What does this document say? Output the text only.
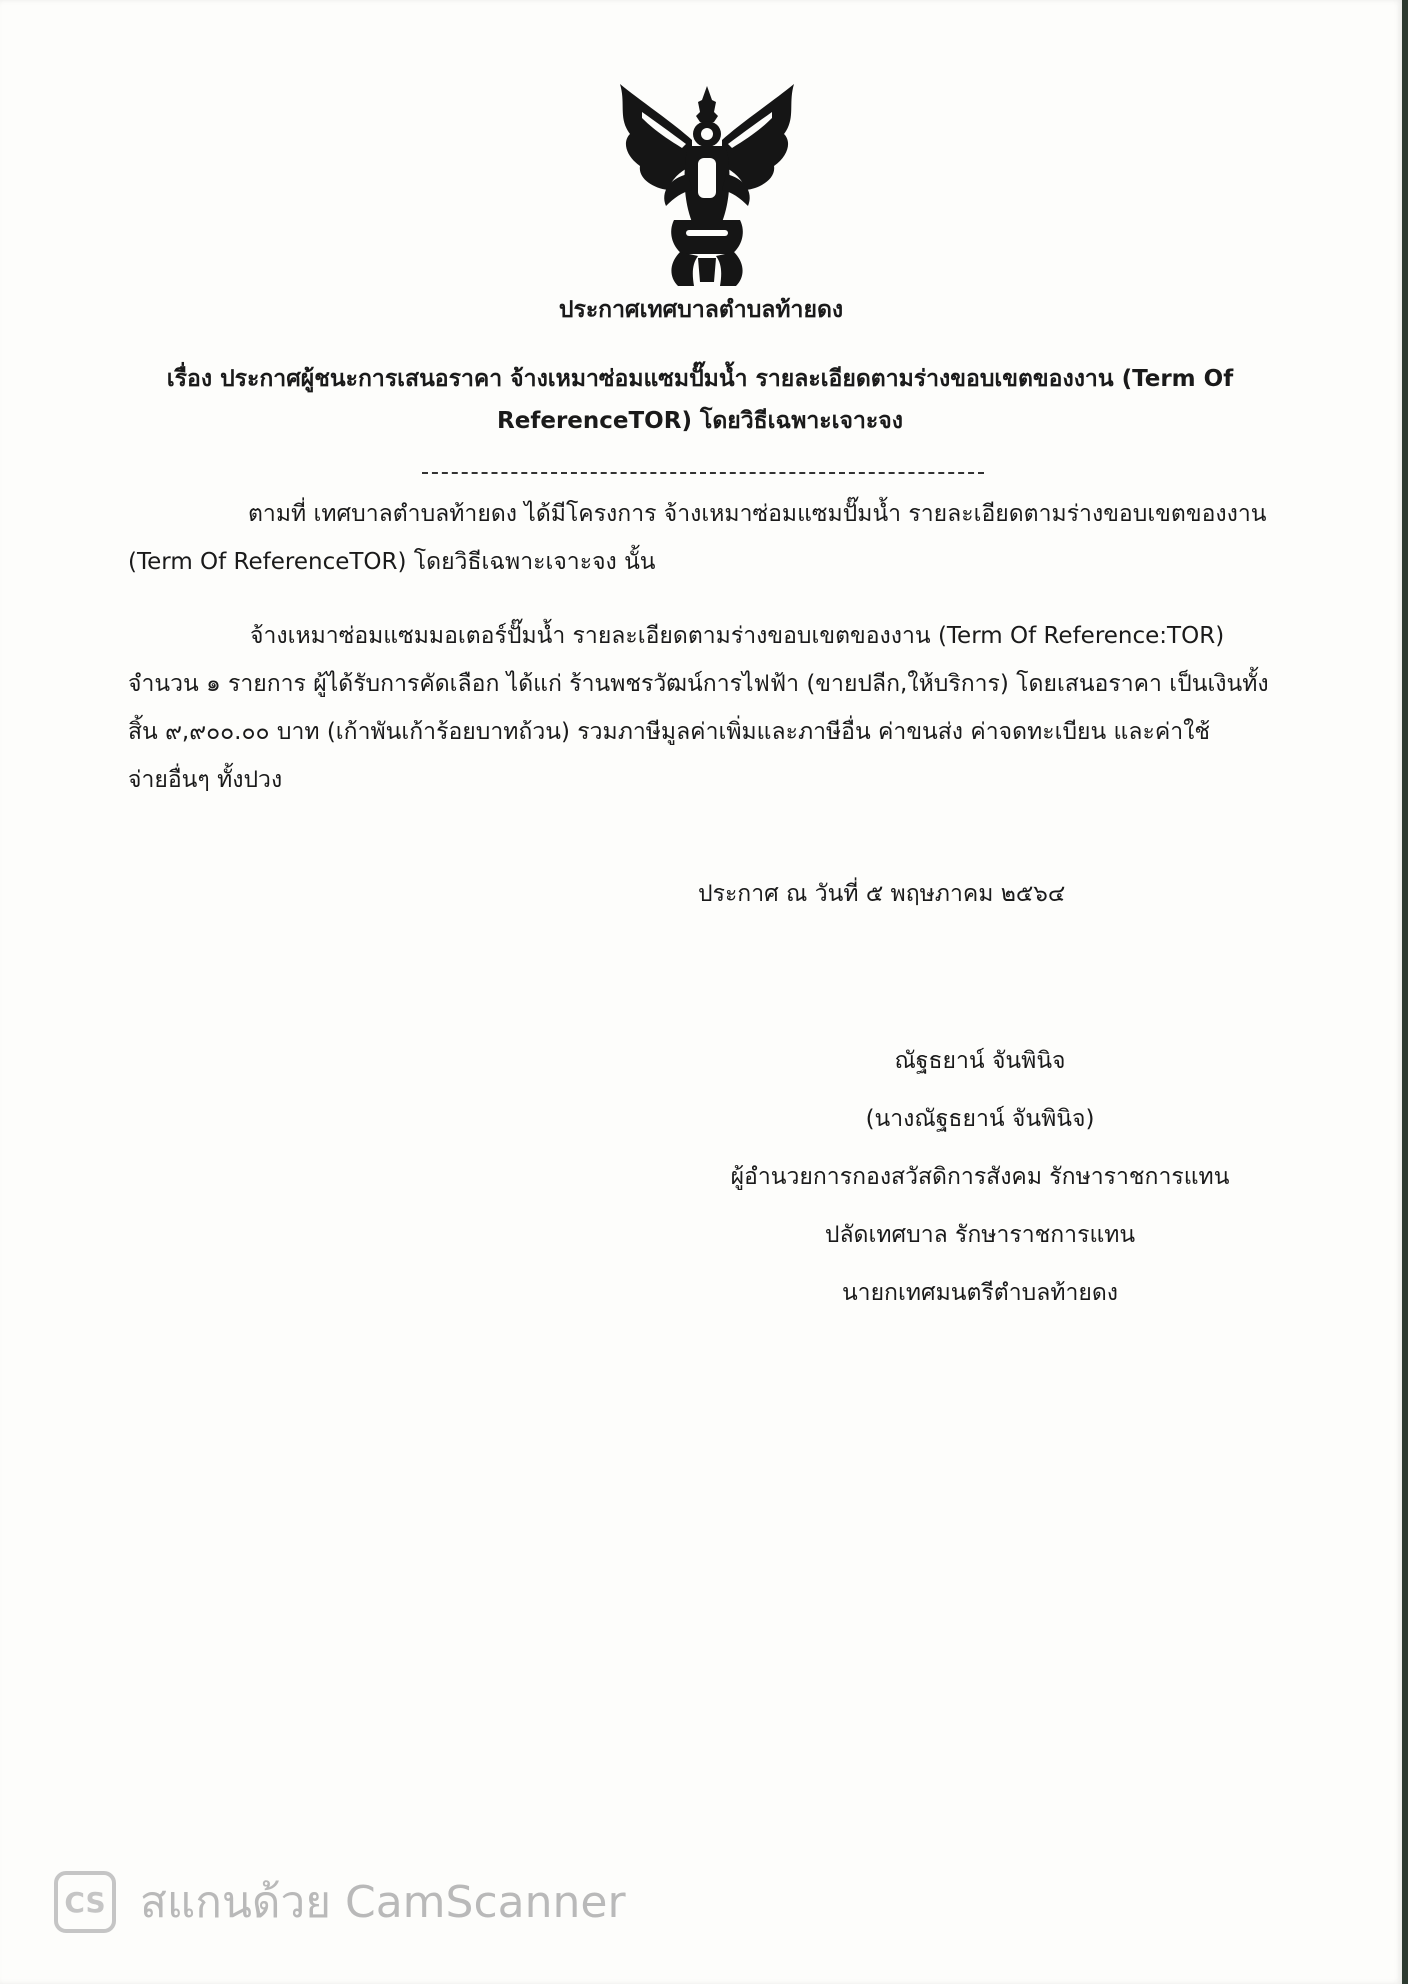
ประกาศเทศบาลตำบลท้ายดง
เรื่อง ประกาศผู้ชนะการเสนอราคา จ้างเหมาซ่อมแซมปั๊มน้ำ รายละเอียดตามร่างขอบเขตของงาน (Term Of ReferenceTOR) โดยวิธีเฉพาะเจาะจง
ตามที่ เทศบาลตำบลท้ายดง ได้มีโครงการ จ้างเหมาซ่อมแซมปั๊มน้ำ รายละเอียดตามร่างขอบเขตของงาน
(Term Of ReferenceTOR) โดยวิธีเฉพาะเจาะจง นั้น
จ้างเหมาซ่อมแซมมอเตอร์ปั๊มน้ำ รายละเอียดตามร่างขอบเขตของงาน (Term Of Reference:TOR)
จำนวน ๑ รายการ ผู้ได้รับการคัดเลือก ได้แก่ ร้านพชรวัฒน์การไฟฟ้า (ขายปลีก,ให้บริการ) โดยเสนอราคา เป็นเงินทั้ง
สิ้น ๙,๙๐๐.๐๐ บาท (เก้าพันเก้าร้อยบาทถ้วน) รวมภาษีมูลค่าเพิ่มและภาษีอื่น ค่าขนส่ง ค่าจดทะเบียน และค่าใช้
จ่ายอื่นๆ ทั้งปวง
ประกาศ ณ วันที่ ๕ พฤษภาคม ๒๕๖๔
ณัฐธยาน์ จันพินิจ
(นางณัฐธยาน์ จันพินิจ)
ผู้อำนวยการกองสวัสดิการสังคม รักษาราชการแทน
ปลัดเทศบาล รักษาราชการแทน
นายกเทศมนตรีตำบลท้ายดง
CS สแกนด้วย CamScanner
